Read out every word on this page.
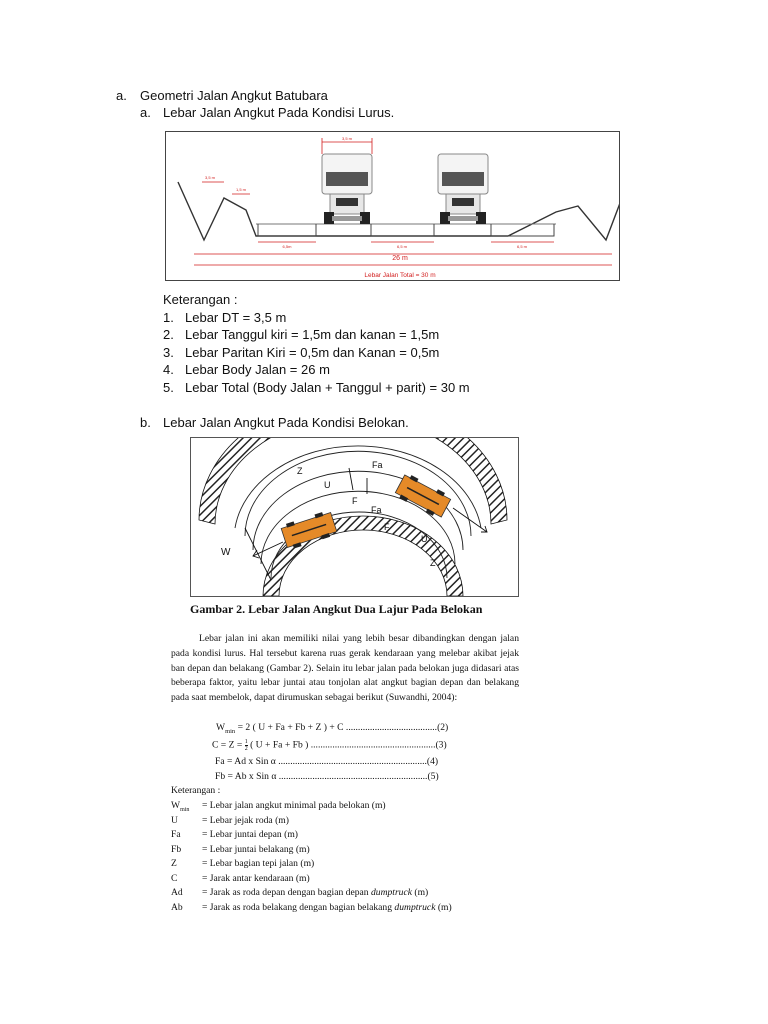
a. Geometri Jalan Angkut Batubara
a. Lebar Jalan Angkut Pada Kondisi Lurus.
3,5 m
3,5 m
1,5 m
6,5m	6,5 m	6,5 m
26 m
Lebar Jalan Total = 30 m
Keterangan :
1. Lebar DT = 3,5 m
2. Lebar Tanggul kiri = 1,5m dan kanan = 1,5m
3. Lebar Paritan Kiri = 0,5m dan Kanan = 0,5m
4. Lebar Body Jalan = 26 m
5. Lebar Total (Body Jalan + Tanggul + parit) = 30 m
b. Lebar Jalan Angkut Pada Kondisi Belokan.
Z
Fa
U
F
Fa
F
U
Z
W
Gambar 2. Lebar Jalan Angkut Dua Lajur Pada Belokan
Lebar jalan ini akan memiliki nilai yang lebih besar dibandingkan dengan jalan pada kondisi lurus. Hal tersebut karena ruas gerak kendaraan yang melebar akibat jejak ban depan dan belakang (Gambar 2). Selain itu lebar jalan pada belokan juga didasari atas beberapa faktor, yaitu lebar juntai atau tonjolan alat angkut bagian depan dan belakang pada saat membelok, dapat dirumuskan sebagai berikut (Suwandhi, 2004):
$W_{min} = 2$ ( U + Fa + Fb + Z ) + C ......................................(2)
$C = Z = \frac{1}{2}$ ( U + Fa + Fb ) ....................................................(3)
Fa = Ad x Sin α ..............................................................(4)
Fb = Ab x Sin α ..............................................................(5)
Keterangan :
$W_{min}$ = Lebar jalan angkut minimal pada belokan (m)
U	= Lebar jejak roda (m)
Fa = Lebar juntai depan (m)
Fb = Lebar juntai belakang (m)
Z	= Lebar bagian tepi jalan (m)
C	= Jarak antar kendaraan (m)
Ad = Jarak as roda depan dengan bagian depan dumptruck (m)
Ab = Jarak as roda belakang dengan bagian belakang dumptruck (m)
